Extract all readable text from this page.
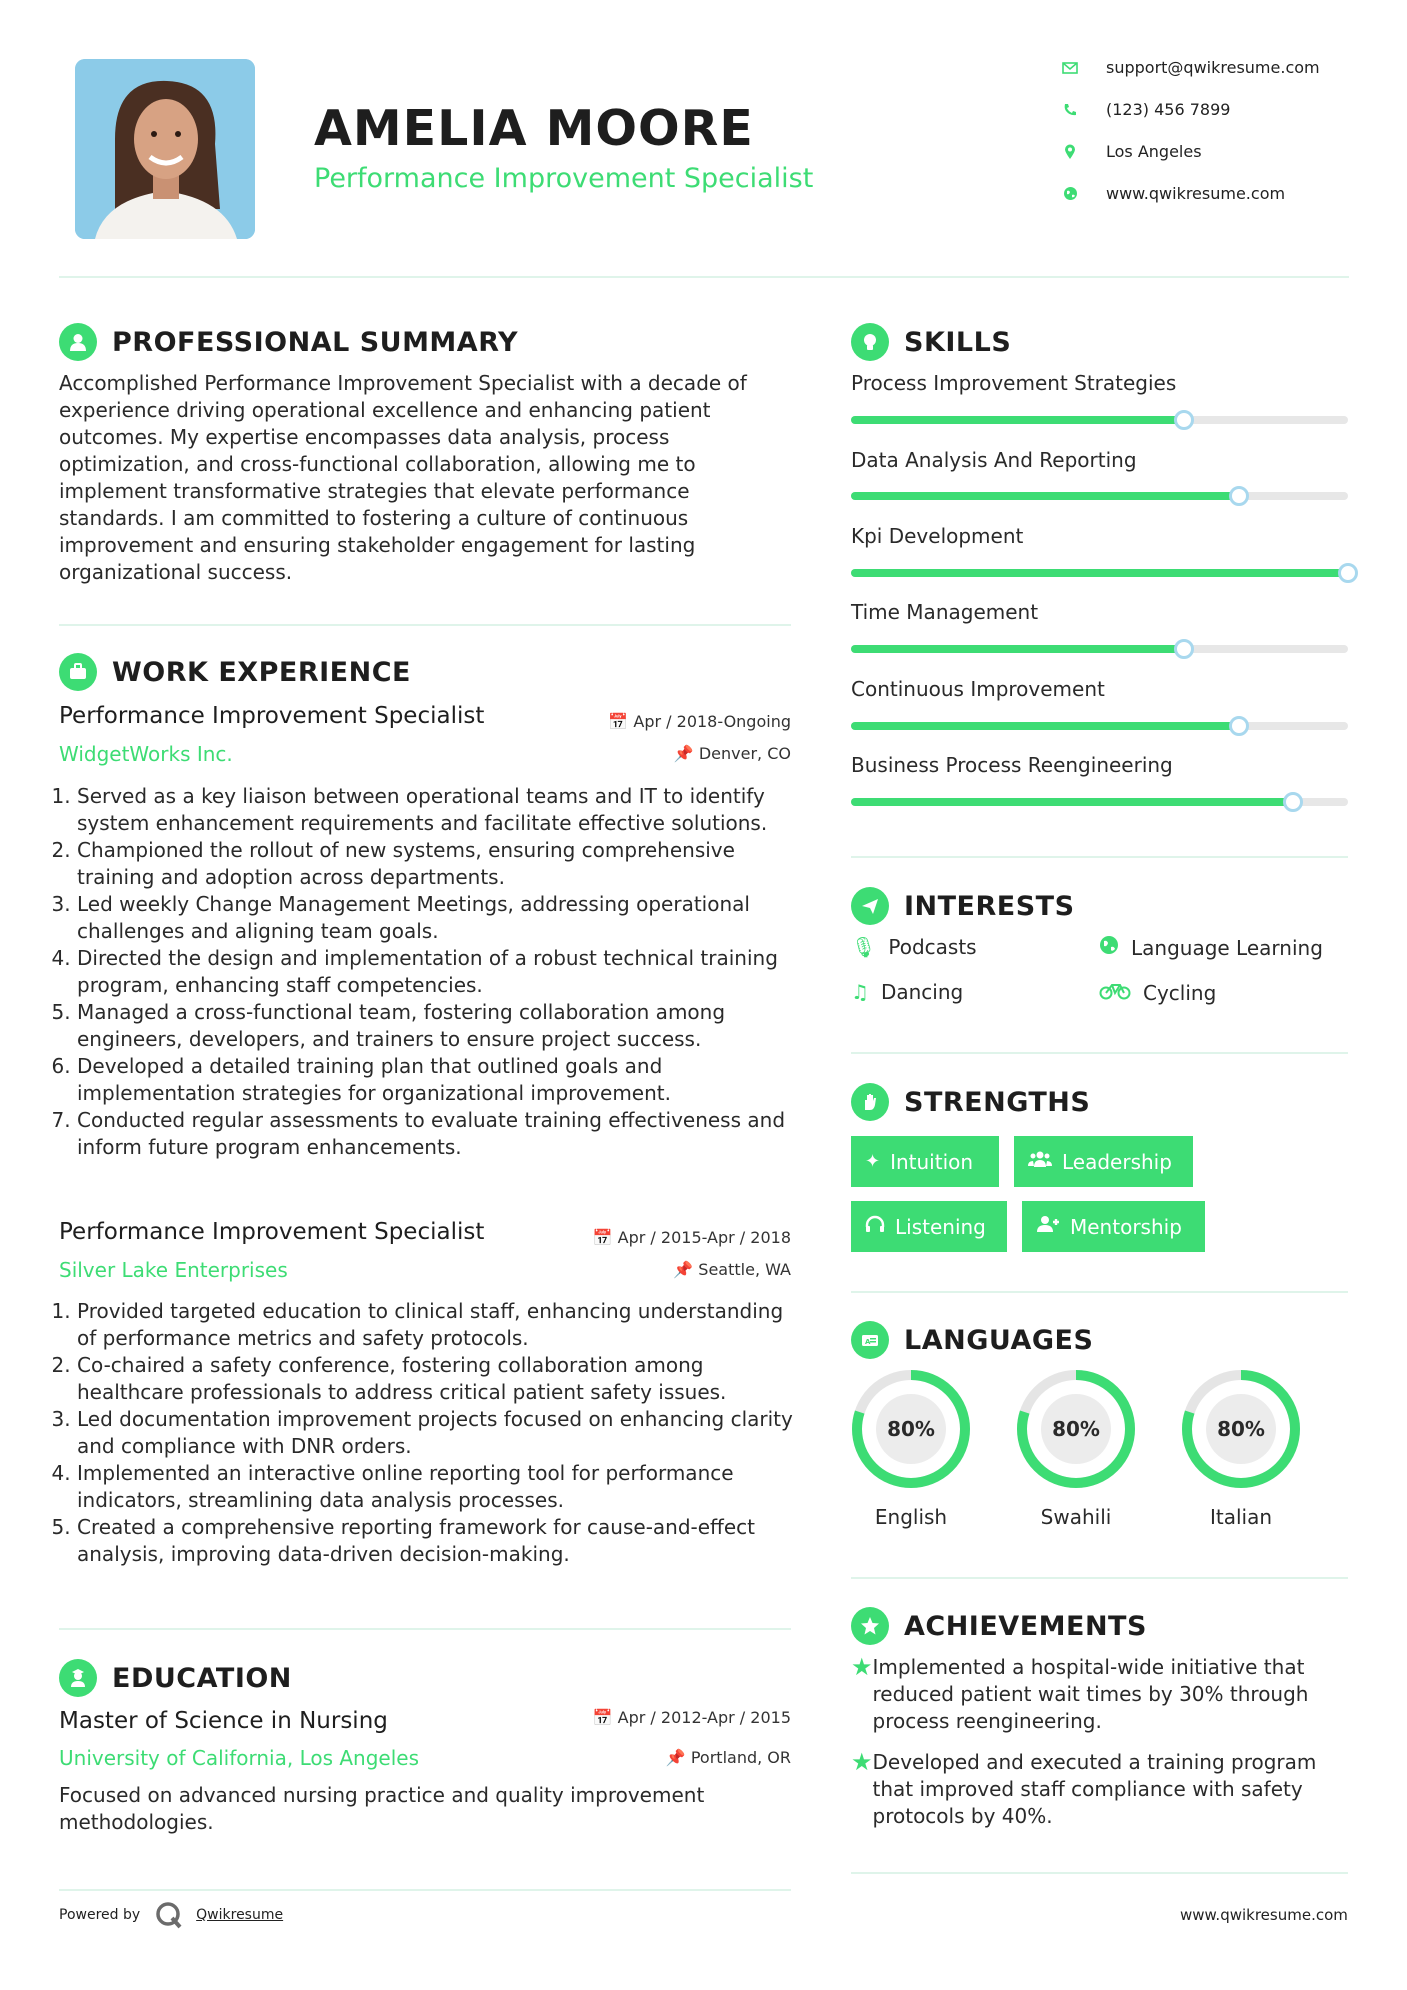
AMELIA MOORE
Performance Improvement Specialist
support@qwikresume.com
(123) 456 7899
Los Angeles
www.qwikresume.com
PROFESSIONAL SUMMARY
Accomplished Performance Improvement Specialist with a decade of experience driving operational excellence and enhancing patient outcomes. My expertise encompasses data analysis, process optimization, and cross-functional collaboration, allowing me to implement transformative strategies that elevate performance standards. I am committed to fostering a culture of continuous improvement and ensuring stakeholder engagement for lasting organizational success.
WORK EXPERIENCE
Performance Improvement Specialist	📅 Apr / 2018-Ongoing
WidgetWorks Inc.	📌 Denver, CO
1. Served as a key liaison between operational teams and IT to identify system enhancement requirements and facilitate effective solutions.
2. Championed the rollout of new systems, ensuring comprehensive training and adoption across departments.
3. Led weekly Change Management Meetings, addressing operational challenges and aligning team goals.
4. Directed the design and implementation of a robust technical training program, enhancing staff competencies.
5. Managed a cross-functional team, fostering collaboration among engineers, developers, and trainers to ensure project success.
6. Developed a detailed training plan that outlined goals and implementation strategies for organizational improvement.
7. Conducted regular assessments to evaluate training effectiveness and inform future program enhancements.
Performance Improvement Specialist	📅 Apr / 2015-Apr / 2018
Silver Lake Enterprises	📌 Seattle, WA
1. Provided targeted education to clinical staff, enhancing understanding of performance metrics and safety protocols.
2. Co-chaired a safety conference, fostering collaboration among healthcare professionals to address critical patient safety issues.
3. Led documentation improvement projects focused on enhancing clarity and compliance with DNR orders.
4. Implemented an interactive online reporting tool for performance indicators, streamlining data analysis processes.
5. Created a comprehensive reporting framework for cause-and-effect analysis, improving data-driven decision-making.
EDUCATION
Master of Science in Nursing	📅 Apr / 2012-Apr / 2015
University of California, Los Angeles	📌 Portland, OR
Focused on advanced nursing practice and quality improvement methodologies.
SKILLS
Process Improvement Strategies
Data Analysis And Reporting
Kpi Development
Time Management
Continuous Improvement
Business Process Reengineering
INTERESTS
🎙 Podcasts	Language Learning
♫ Dancing	Cycling
STRENGTHS
✦ Intuition	Leadership
Listening	Mentorship
A LANGUAGES
80%
English
80%
Swahili
80%
Italian
ACHIEVEMENTS
★ Implemented a hospital-wide initiative that reduced patient wait times by 30% through process reengineering.
★ Developed and executed a training program that improved staff compliance with safety protocols by 40%.
Powered by	Qwikresume	www.qwikresume.com
